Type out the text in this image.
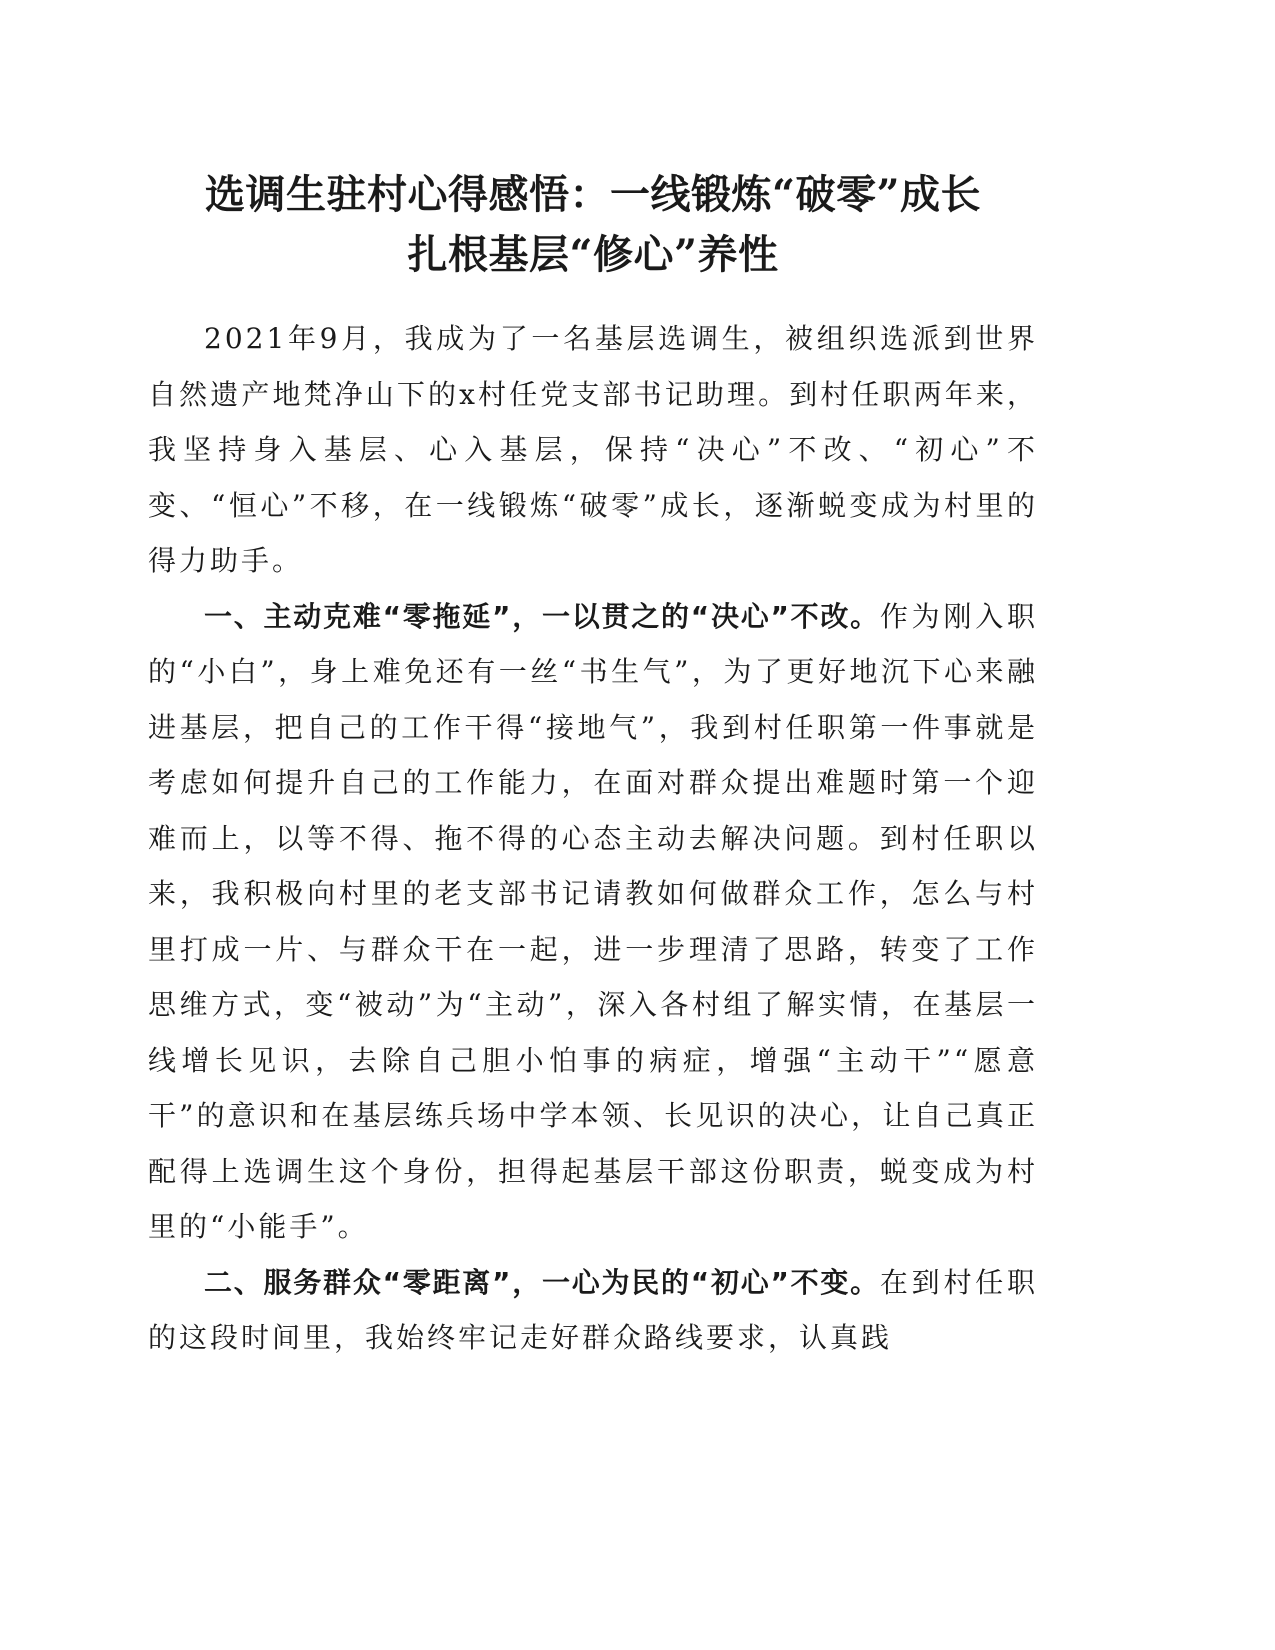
选调生驻村心得感悟：一线锻炼“破零”成长
扎根基层“修心”养性

2021年9月，我成为了一名基层选调生，被组织选派到世界自然遗产地梵净山下的x村任党支部书记助理。到村任职两年来，我坚持身入基层、心入基层，保持“决心”不改、“初心”不变、“恒心”不移，在一线锻炼“破零”成长，逐渐蜕变成为村里的得力助手。

一、主动克难“零拖延”，一以贯之的“决心”不改。作为刚入职的“小白”，身上难免还有一丝“书生气”，为了更好地沉下心来融进基层，把自己的工作干得“接地气”，我到村任职第一件事就是考虑如何提升自己的工作能力，在面对群众提出难题时第一个迎难而上，以等不得、拖不得的心态主动去解决问题。到村任职以来，我积极向村里的老支部书记请教如何做群众工作，怎么与村里打成一片、与群众干在一起，进一步理清了思路，转变了工作思维方式，变“被动”为“主动”，深入各村组了解实情，在基层一线增长见识，去除自己胆小怕事的病症，增强“主动干”“愿意干”的意识和在基层练兵场中学本领、长见识的决心，让自己真正配得上选调生这个身份，担得起基层干部这份职责，蜕变成为村里的“小能手”。

二、服务群众“零距离”，一心为民的“初心”不变。在到村任职的这段时间里，我始终牢记走好群众路线要求，认真践
